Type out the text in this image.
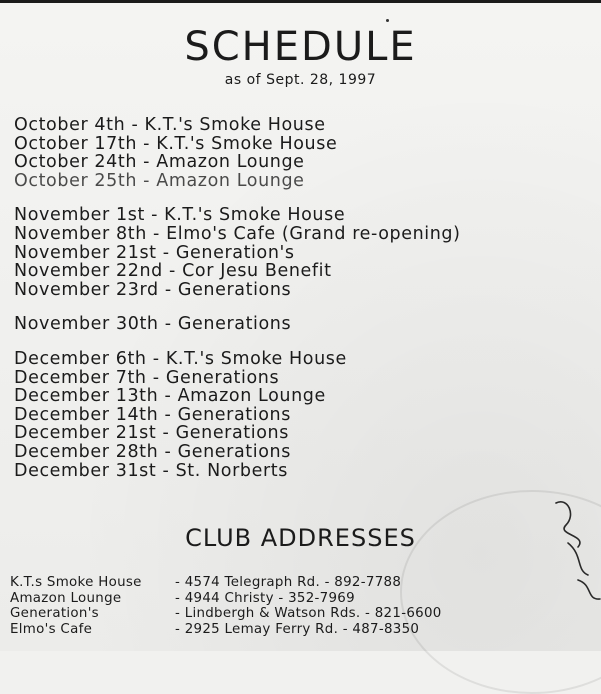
SCHEDULE
as of Sept. 28, 1997
October 4th - K.T.'s Smoke House
October 17th - K.T.'s Smoke House
October 24th - Amazon Lounge
October 25th - Amazon Lounge
November 1st - K.T.'s Smoke House
November 8th - Elmo's Cafe (Grand re-opening)
November 21st - Generation's
November 22nd - Cor Jesu Benefit
November 23rd - Generations
November 30th - Generations
December 6th - K.T.'s Smoke House
December 7th - Generations
December 13th - Amazon Lounge
December 14th - Generations
December 21st - Generations
December 28th - Generations
December 31st - St. Norberts
CLUB ADDRESSES
K.T.s Smoke House	- 4574 Telegraph Rd. - 892-7788
Amazon Lounge	- 4944 Christy - 352-7969
Generation's	- Lindbergh & Watson Rds. - 821-6600
Elmo's Cafe	- 2925 Lemay Ferry Rd. - 487-8350
